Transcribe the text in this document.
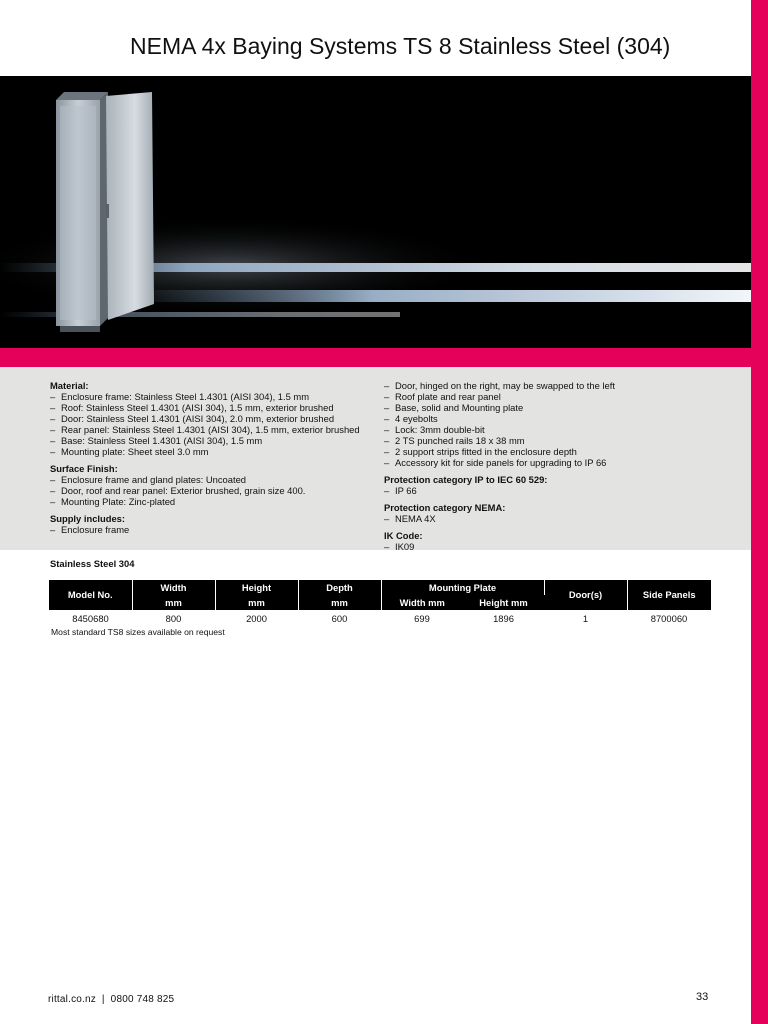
NEMA 4x Baying Systems TS 8 Stainless Steel (304)
Material:
– Enclosure frame: Stainless Steel 1.4301 (AISI 304), 1.5 mm
– Roof: Stainless Steel 1.4301 (AISI 304), 1.5 mm, exterior brushed
– Door: Stainless Steel 1.4301 (AISI 304), 2.0 mm, exterior brushed
– Rear panel: Stainless Steel 1.4301 (AISI 304), 1.5 mm, exterior brushed
– Base: Stainless Steel 1.4301 (AISI 304), 1.5 mm
– Mounting plate: Sheet steel 3.0 mm
Surface Finish:
– Enclosure frame and gland plates: Uncoated
– Door, roof and rear panel: Exterior brushed, grain size 400.
– Mounting Plate: Zinc-plated
Supply includes:
– Enclosure frame
– Door, hinged on the right, may be swapped to the left
– Roof plate and rear panel
– Base, solid and Mounting plate
– 4 eyebolts
– Lock: 3mm double-bit
– 2 TS punched rails 18 x 38 mm
– 2 support strips fitted in the enclosure depth
– Accessory kit for side panels for upgrading to IP 66
Protection category IP to IEC 60 529:
– IP 66
Protection category NEMA:
– NEMA 4X
IK Code:
– IK09
Stainless Steel 304
Model No.	Width	Height	Depth	Mounting Plate		Door(s)	Side Panels
	mm	mm	mm	Width mm	Height mm		
8450680	800	2000	600	699	1896	1	8700060
Most standard TS8 sizes available on request
rittal.co.nz  |  0800 748 825	33
